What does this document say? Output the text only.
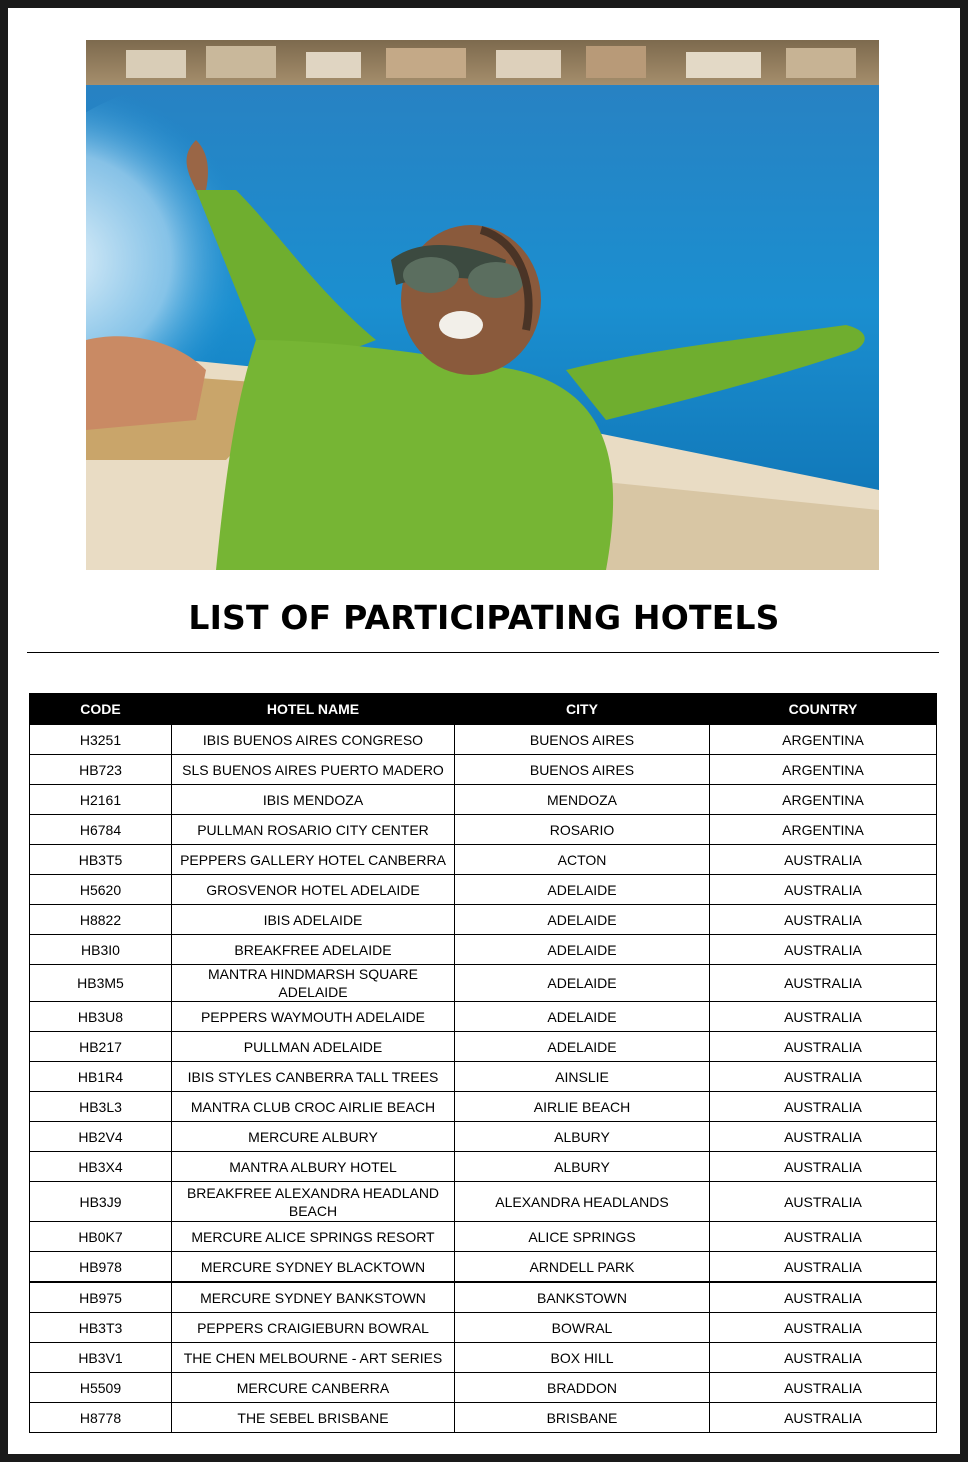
LIST OF PARTICIPATING HOTELS
CODE	HOTEL NAME	CITY	COUNTRY
H3251	IBIS BUENOS AIRES CONGRESO	BUENOS AIRES	ARGENTINA
HB723	SLS BUENOS AIRES PUERTO MADERO	BUENOS AIRES	ARGENTINA
H2161	IBIS MENDOZA	MENDOZA	ARGENTINA
H6784	PULLMAN ROSARIO CITY CENTER	ROSARIO	ARGENTINA
HB3T5	PEPPERS GALLERY HOTEL CANBERRA	ACTON	AUSTRALIA
H5620	GROSVENOR HOTEL ADELAIDE	ADELAIDE	AUSTRALIA
H8822	IBIS ADELAIDE	ADELAIDE	AUSTRALIA
HB3I0	BREAKFREE ADELAIDE	ADELAIDE	AUSTRALIA
HB3M5	MANTRA HINDMARSH SQUARE ADELAIDE	ADELAIDE	AUSTRALIA
HB3U8	PEPPERS WAYMOUTH ADELAIDE	ADELAIDE	AUSTRALIA
HB217	PULLMAN ADELAIDE	ADELAIDE	AUSTRALIA
HB1R4	IBIS STYLES CANBERRA TALL TREES	AINSLIE	AUSTRALIA
HB3L3	MANTRA CLUB CROC AIRLIE BEACH	AIRLIE BEACH	AUSTRALIA
HB2V4	MERCURE ALBURY	ALBURY	AUSTRALIA
HB3X4	MANTRA ALBURY HOTEL	ALBURY	AUSTRALIA
HB3J9	BREAKFREE ALEXANDRA HEADLAND BEACH	ALEXANDRA HEADLANDS	AUSTRALIA
HB0K7	MERCURE ALICE SPRINGS RESORT	ALICE SPRINGS	AUSTRALIA
HB978	MERCURE SYDNEY BLACKTOWN	ARNDELL PARK	AUSTRALIA
HB975	MERCURE SYDNEY BANKSTOWN	BANKSTOWN	AUSTRALIA
HB3T3	PEPPERS CRAIGIEBURN BOWRAL	BOWRAL	AUSTRALIA
HB3V1	THE CHEN MELBOURNE - ART SERIES	BOX HILL	AUSTRALIA
H5509	MERCURE CANBERRA	BRADDON	AUSTRALIA
H8778	THE SEBEL BRISBANE	BRISBANE	AUSTRALIA
